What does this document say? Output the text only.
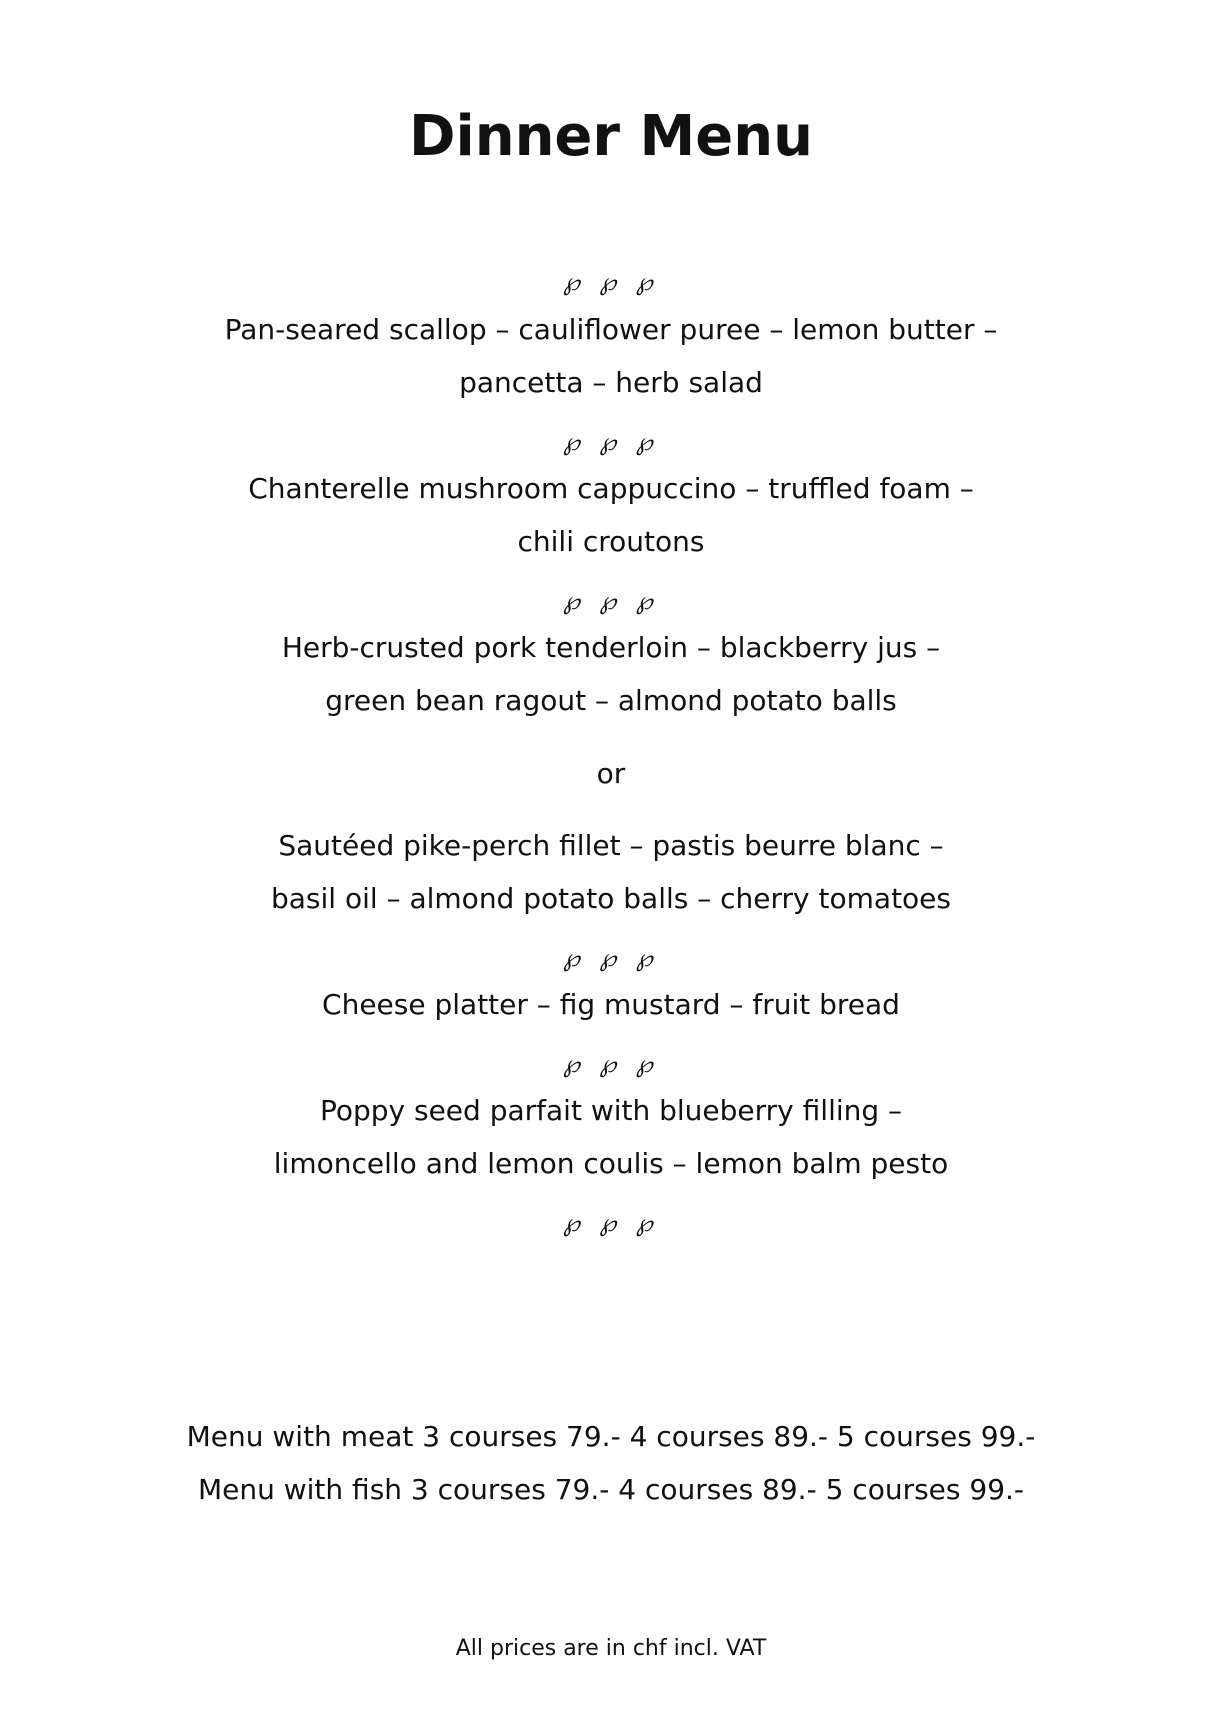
Dinner Menu
℘ ℘ ℘
Pan-seared scallop – cauliflower puree – lemon butter –
pancetta – herb salad
℘ ℘ ℘
Chanterelle mushroom cappuccino – truffled foam –
chili croutons
℘ ℘ ℘
Herb-crusted pork tenderloin – blackberry jus –
green bean ragout – almond potato balls
or
Sautéed pike-perch fillet – pastis beurre blanc –
basil oil – almond potato balls – cherry tomatoes
℘ ℘ ℘
Cheese platter – fig mustard – fruit bread
℘ ℘ ℘
Poppy seed parfait with blueberry filling –
limoncello and lemon coulis – lemon balm pesto
℘ ℘ ℘
Menu with meat 3 courses 79.- 4 courses 89.- 5 courses 99.-
Menu with fish 3 courses 79.- 4 courses 89.- 5 courses 99.-
All prices are in chf incl. VAT
